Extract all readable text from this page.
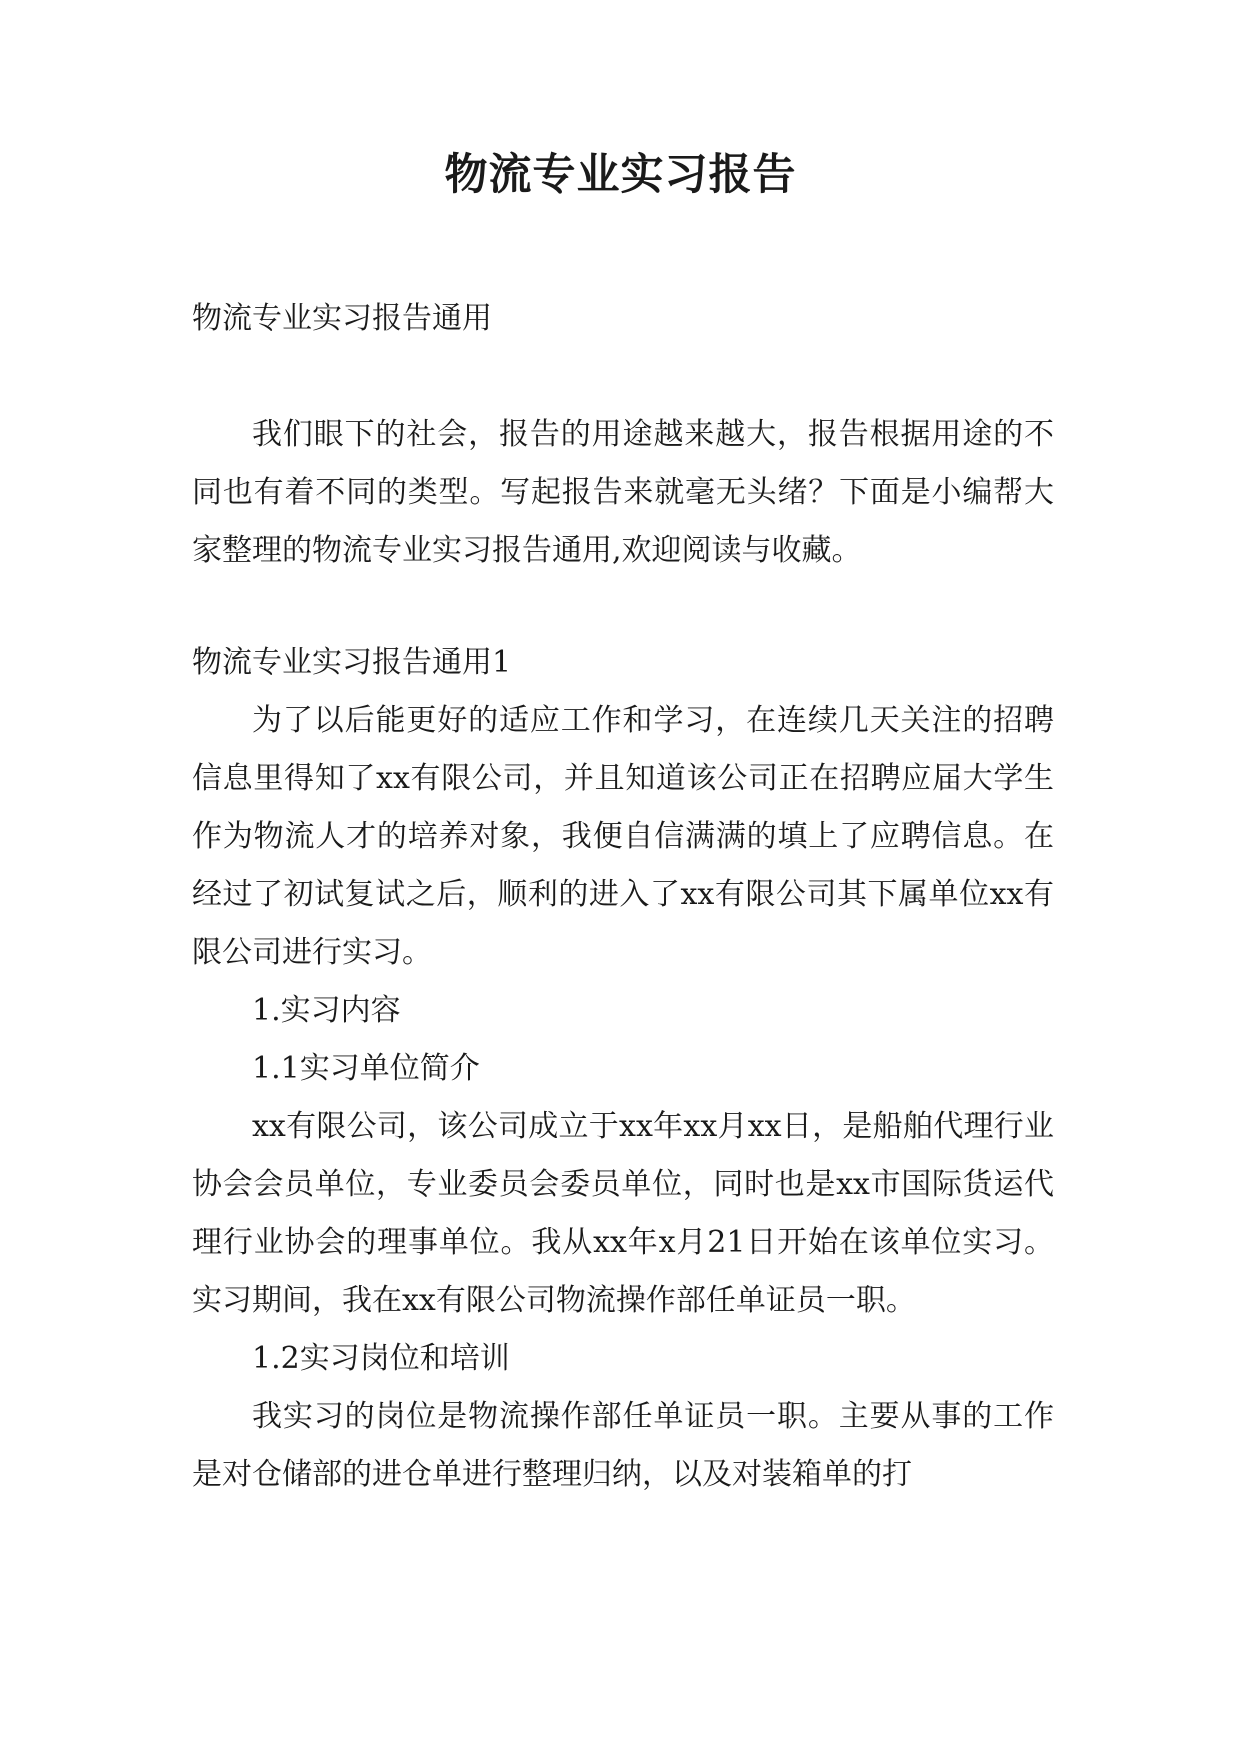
物流专业实习报告

物流专业实习报告通用

我们眼下的社会，报告的用途越来越大，报告根据用途的不同也有着不同的类型。写起报告来就毫无头绪？下面是小编帮大家整理的物流专业实习报告通用,欢迎阅读与收藏。

物流专业实习报告通用1

为了以后能更好的适应工作和学习，在连续几天关注的招聘信息里得知了xx有限公司，并且知道该公司正在招聘应届大学生作为物流人才的培养对象，我便自信满满的填上了应聘信息。在经过了初试复试之后，顺利的进入了xx有限公司其下属单位xx有限公司进行实习。

1.实习内容

1.1实习单位简介

xx有限公司，该公司成立于xx年xx月xx日，是船舶代理行业协会会员单位，专业委员会委员单位，同时也是xx市国际货运代理行业协会的理事单位。我从xx年x月21日开始在该单位实习。实习期间，我在xx有限公司物流操作部任单证员一职。

1.2实习岗位和培训

我实习的岗位是物流操作部任单证员一职。主要从事的工作是对仓储部的进仓单进行整理归纳，以及对装箱单的打
